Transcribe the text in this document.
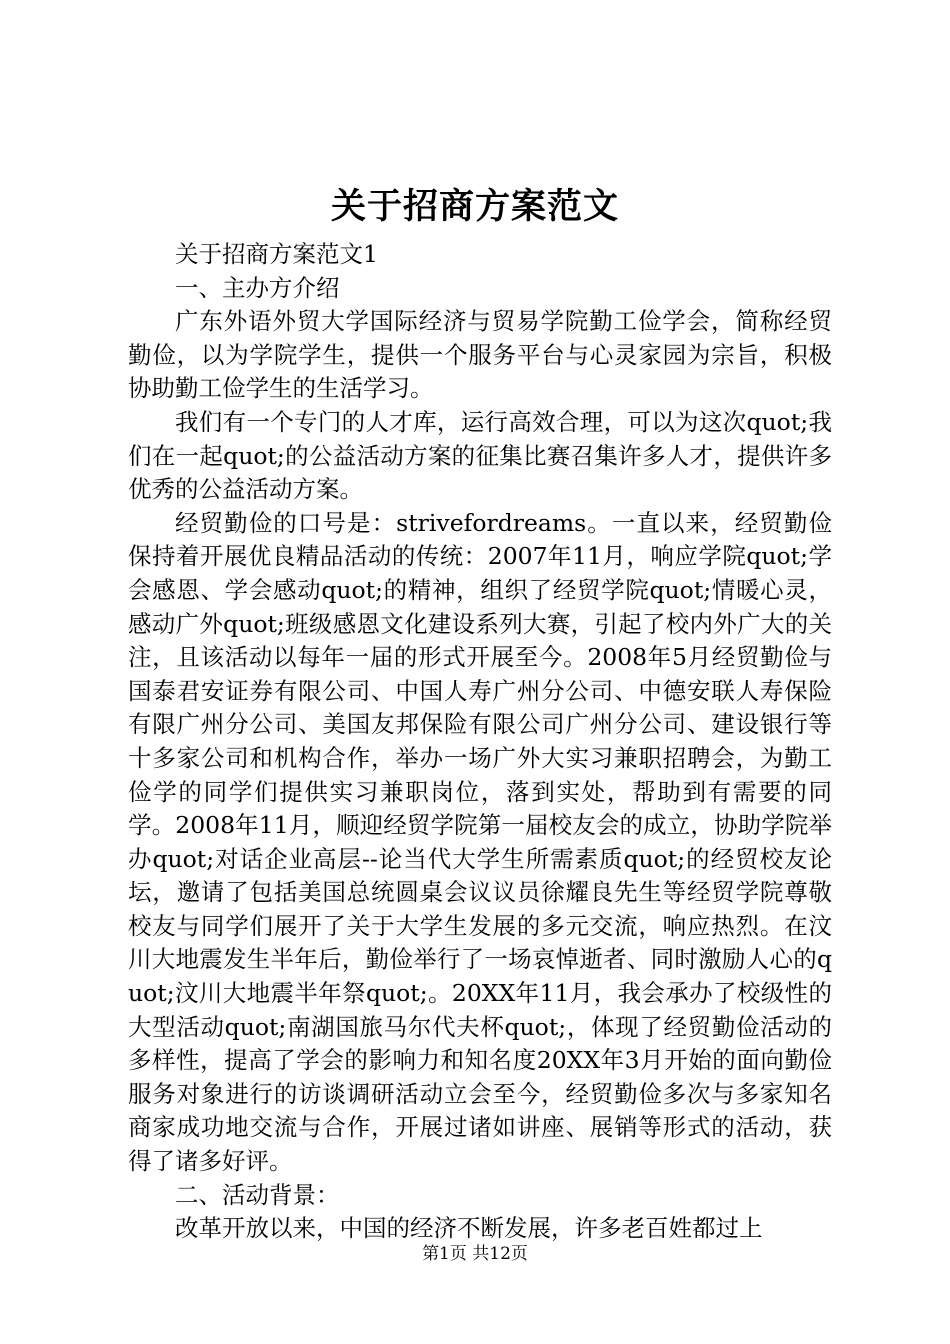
关于招商方案范文

关于招商方案范文1

一、主办方介绍

广东外语外贸大学国际经济与贸易学院勤工俭学会，简称经贸勤俭，以为学院学生，提供一个服务平台与心灵家园为宗旨，积极协助勤工俭学生的生活学习。

我们有一个专门的人才库，运行高效合理，可以为这次quot;我们在一起quot;的公益活动方案的征集比赛召集许多人才，提供许多优秀的公益活动方案。

经贸勤俭的口号是：strivefordreams。一直以来，经贸勤俭保持着开展优良精品活动的传统：2007年11月，响应学院quot;学会感恩、学会感动quot;的精神，组织了经贸学院quot;情暖心灵，感动广外quot;班级感恩文化建设系列大赛，引起了校内外广大的关注，且该活动以每年一届的形式开展至今。2008年5月经贸勤俭与国泰君安证券有限公司、中国人寿广州分公司、中德安联人寿保险有限广州分公司、美国友邦保险有限公司广州分公司、建设银行等十多家公司和机构合作，举办一场广外大实习兼职招聘会，为勤工俭学的同学们提供实习兼职岗位，落到实处，帮助到有需要的同学。2008年11月，顺迎经贸学院第一届校友会的成立，协助学院举办quot;对话企业高层--论当代大学生所需素质quot;的经贸校友论坛，邀请了包括美国总统圆桌会议议员徐耀良先生等经贸学院尊敬校友与同学们展开了关于大学生发展的多元交流，响应热烈。在汶川大地震发生半年后，勤俭举行了一场哀悼逝者、同时激励人心的quot;汶川大地震半年祭quot;。20XX年11月，我会承办了校级性的大型活动quot;南湖国旅马尔代夫杯quot;，体现了经贸勤俭活动的多样性，提高了学会的影响力和知名度20XX年3月开始的面向勤俭服务对象进行的访谈调研活动立会至今，经贸勤俭多次与多家知名商家成功地交流与合作，开展过诸如讲座、展销等形式的活动，获得了诸多好评。

二、活动背景：

改革开放以来，中国的经济不断发展，许多老百姓都过上

第1页 共12页
